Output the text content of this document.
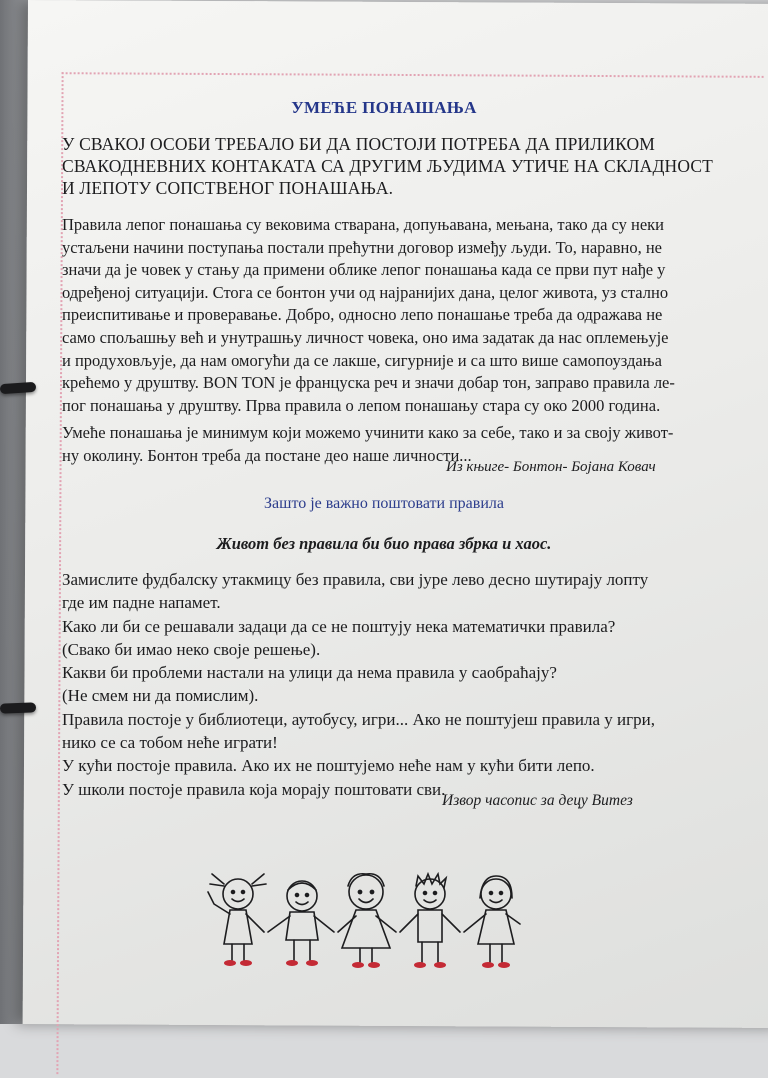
УМЕЋЕ ПОНАШАЊА
У СВАКОЈ ОСОБИ ТРЕБАЛО БИ ДА ПОСТОЈИ ПОТРЕБА ДА ПРИЛИКОМ
СВАКОДНЕВНИХ КОНТАКАТА СА ДРУГИМ ЉУДИМА УТИЧЕ НА СКЛАДНОСТ
И ЛЕПОТУ СОПСТВЕНОГ ПОНАШАЊА.
Правила лепог понашања су вековима стварана, допуњавана, мењана, тако да су неки
устаљени начини поступања постали прећутни договор између људи. То, наравно, не
значи да је човек у стању да примени облике лепог понашања када се први пут нађе у
одређеној ситуацији. Стога се бонтон учи од најранијих дана, целог живота, уз стално
преиспитивање и проверавање. Добро, односно лепо понашање треба да одражава не
само спољашњу већ и унутрашњу личност човека, оно има задатак да нас оплемењује
и продуховљује, да нам омогући да се лакше, сигурније и са што више самопоуздања
крећемо у друштву. BON TON је француска реч и значи добар тон, заправо правила ле-
пог понашања у друштву. Прва правила о лепом понашању стара су око 2000 година.
Умеће понашања је минимум који можемо учинити како за себе, тако и за своју живот-
ну околину. Бонтон треба да постане део наше личности...
Из књиге- Бонтон- Бојана Ковач
Зашто је важно поштовати правила
Живот без правила би био права збрка и хаос.
Замислите фудбалску утакмицу без правила, сви јуре лево десно шутирају лопту
где им падне напамет.
Како ли би се решавали задаци да се не поштују нека математички правила?
(Свако би имао неко своје решење).
Какви би проблеми настали на улици да нема правила у саобраћају?
(Не смем ни да помислим).
Правила постоје у библиотеци, аутобусу, игри... Ако не поштујеш правила у игри,
нико се са тобом неће играти!
У кући постоје правила. Ако их не поштујемо неће нам у кући бити лепо.
У школи постоје правила која морају поштовати сви.
Извор часопис за децу Витез
